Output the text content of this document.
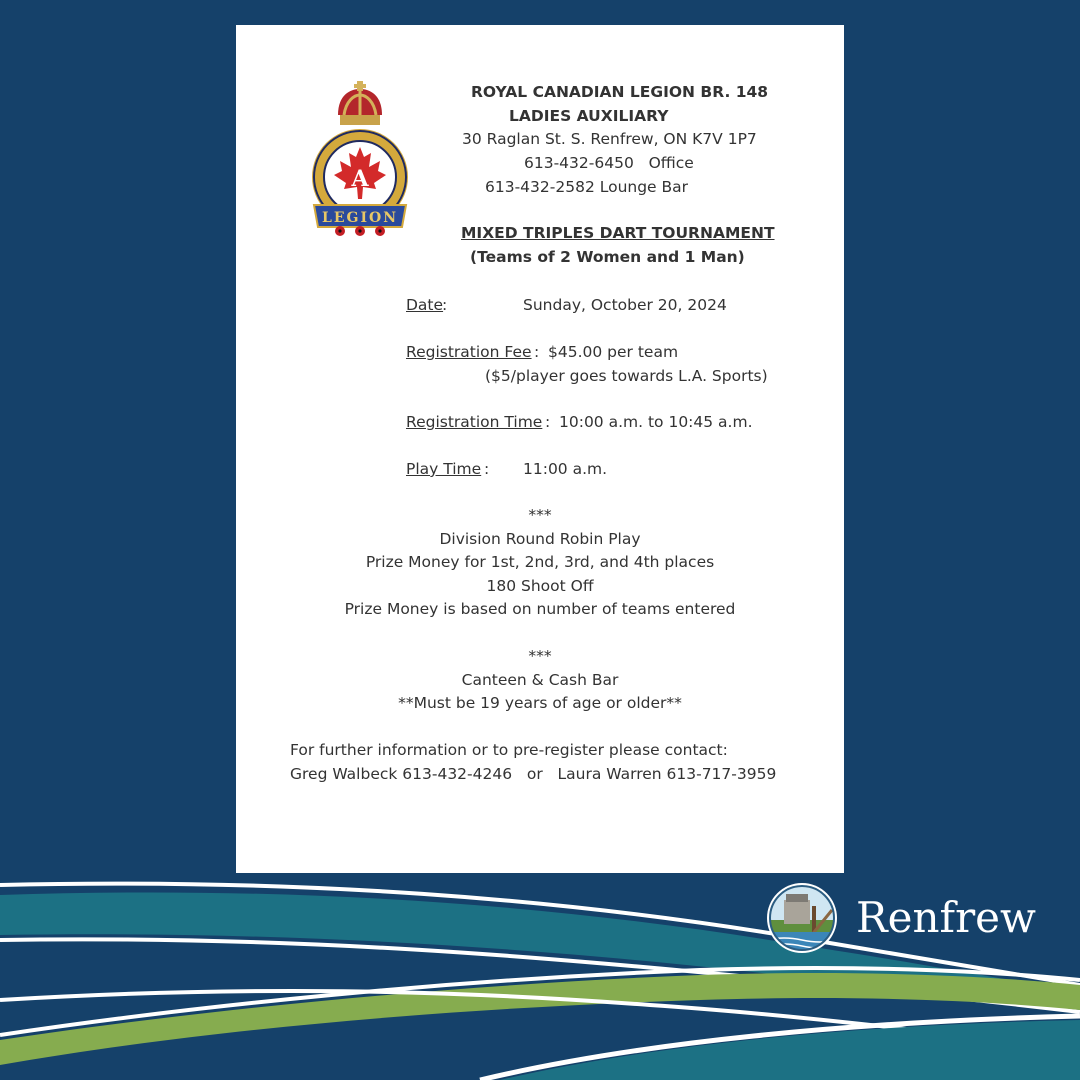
A
LEGION
ROYAL CANADIAN LEGION BR. 148
LADIES AUXILIARY
30 Raglan St. S. Renfrew, ON K7V 1P7
613-432-6450   Office
613-432-2582 Lounge Bar
MIXED TRIPLES DART TOURNAMENT
(Teams of 2 Women and 1 Man)
Date
:	Sunday, October 20, 2024
Registration Fee : $45.00 per team
($5/player goes towards L.A. Sports)
Registration Time : 10:00 a.m. to 10:45 a.m.
Play Time : 11:00 a.m.
***
Division Round Robin Play
Prize Money for 1st, 2nd, 3rd, and 4th places
180 Shoot Off
Prize Money is based on number of teams entered
***
Canteen & Cash Bar
**Must be 19 years of age or older**
For further information or to pre-register please contact:
Greg Walbeck 613-432-4246   or   Laura Warren 613-717-3959
Renfrew
